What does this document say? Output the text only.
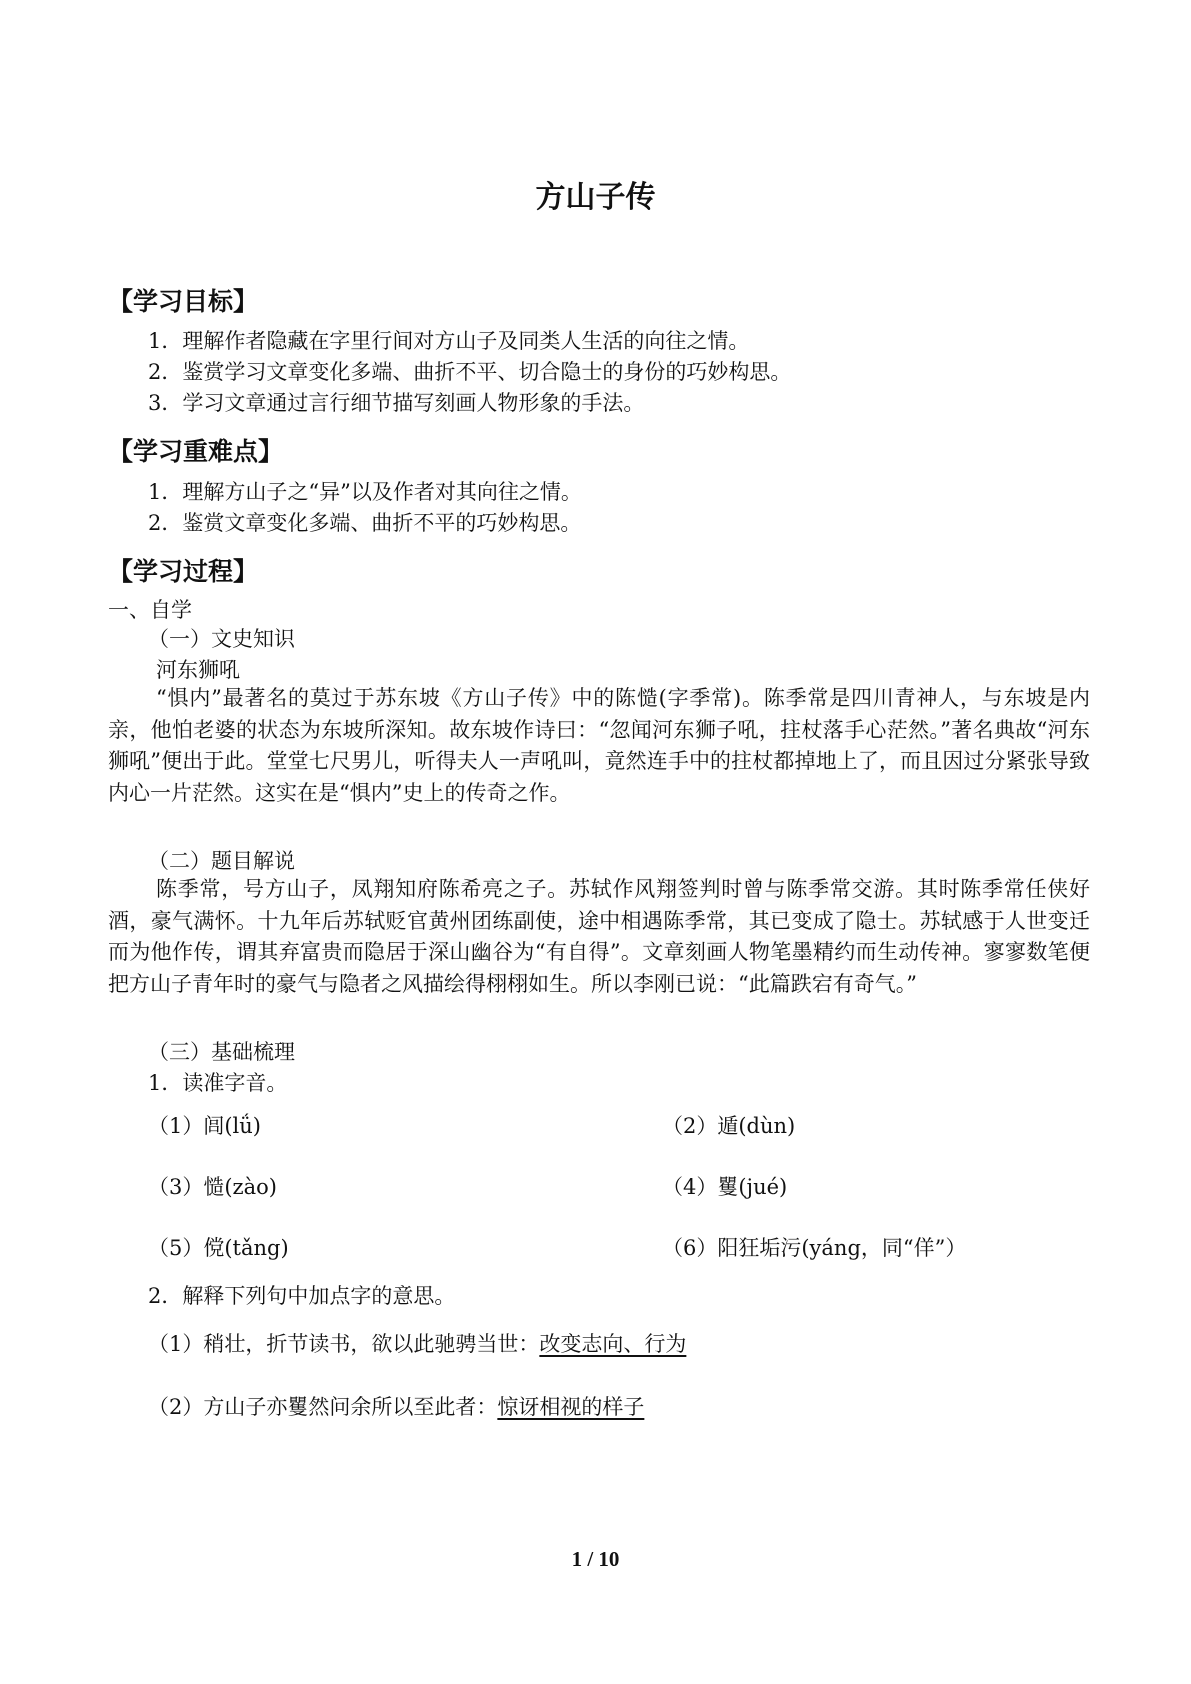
方山子传
【学习目标】
1．理解作者隐藏在字里行间对方山子及同类人生活的向往之情。
2．鉴赏学习文章变化多端、曲折不平、切合隐士的身份的巧妙构思。
3．学习文章通过言行细节描写刻画人物形象的手法。
【学习重难点】
1．理解方山子之“异”以及作者对其向往之情。
2．鉴赏文章变化多端、曲折不平的巧妙构思。
【学习过程】
一、自学
（一）文史知识
河东狮吼
“惧内”最著名的莫过于苏东坡《方山子传》中的陈慥(字季常)。陈季常是四川青神人，与东坡是内亲，他怕老婆的状态为东坡所深知。故东坡作诗曰：“忽闻河东狮子吼，拄杖落手心茫然。”著名典故“河东狮吼”便出于此。堂堂七尺男儿，听得夫人一声吼叫，竟然连手中的拄杖都掉地上了，而且因过分紧张导致内心一片茫然。这实在是“惧内”史上的传奇之作。
（二）题目解说
陈季常，号方山子，凤翔知府陈希亮之子。苏轼作风翔签判时曾与陈季常交游。其时陈季常任侠好酒，豪气满怀。十九年后苏轼贬官黄州团练副使，途中相遇陈季常，其已变成了隐士。苏轼感于人世变迁而为他作传，谓其弃富贵而隐居于深山幽谷为“有自得”。文章刻画人物笔墨精约而生动传神。寥寥数笔便把方山子青年时的豪气与隐者之风描绘得栩栩如生。所以李刚已说：“此篇跌宕有奇气。”
（三）基础梳理
1．读准字音。
（1）闾(lǘ)	（2）遁(dùn)
（3）慥(zào)	（4）矍(jué)
（5）傥(tǎng)	（6）阳狂垢污(yáng，同“佯”）
2．解释下列句中加点字的意思。
（1）稍壮，折节读书，欲以此驰骋当世：改变志向、行为
（2）方山子亦矍然问余所以至此者：惊讶相视的样子
1 / 10
